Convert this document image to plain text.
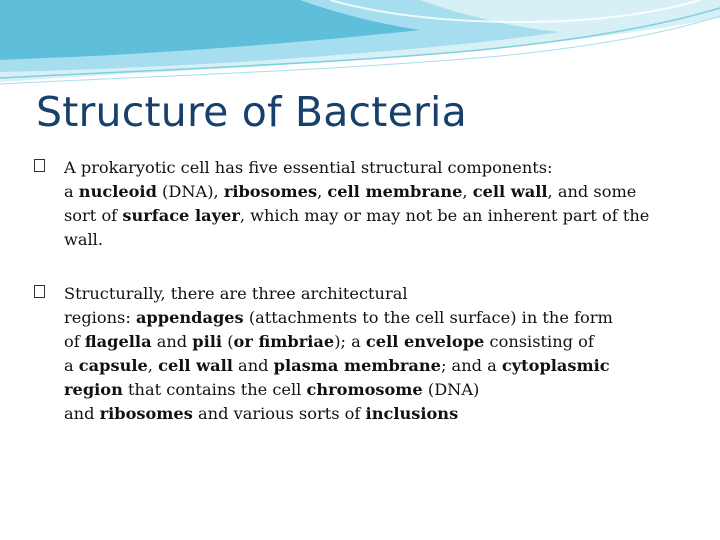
Structure of Bacteria

A prokaryotic cell has five essential structural components:

a nucleoid (DNA), ribosomes, cell membrane, cell wall, and some

sort of surface layer, which may or may not be an inherent part of the

wall.

Structurally, there are three architectural

regions: appendages (attachments to the cell surface) in the form

of flagella and pili (or fimbriae); a cell envelope consisting of

a capsule, cell wall and plasma membrane; and a cytoplasmic

region that contains the cell chromosome (DNA)

and ribosomes and various sorts of inclusions
